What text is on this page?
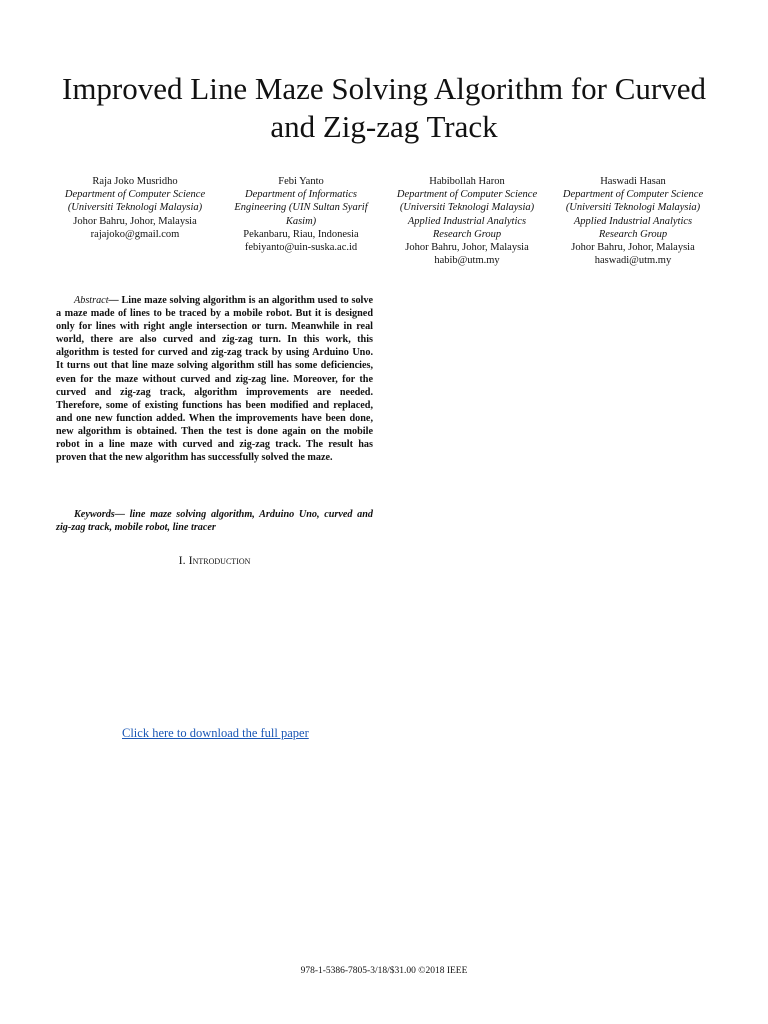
Improved Line Maze Solving Algorithm for Curved
and Zig-zag Track
Raja Joko Musridho
Department of Computer Science (Universiti Teknologi Malaysia)
Johor Bahru, Johor, Malaysia
rajajoko@gmail.com
Febi Yanto
Department of Informatics Engineering (UIN Sultan Syarif Kasim)
Pekanbaru, Riau, Indonesia
febiyanto@uin-suska.ac.id
Habibollah Haron
Department of Computer Science (Universiti Teknologi Malaysia) Applied Industrial Analytics Research Group
Johor Bahru, Johor, Malaysia
habib@utm.my
Haswadi Hasan
Department of Computer Science (Universiti Teknologi Malaysia) Applied Industrial Analytics Research Group
Johor Bahru, Johor, Malaysia
haswadi@utm.my

Abstract— Line maze solving algorithm is an algorithm used to solve a maze made of lines to be traced by a mobile robot. But it is designed only for lines with right angle intersection or turn. Meanwhile in real world, there are also curved and zig-zag turn. In this work, this algorithm is tested for curved and zig-zag track by using Arduino Uno. It turns out that line maze solving algorithm still has some deficiencies, even for the maze without curved and zig-zag line. Moreover, for the curved and zig-zag track, algorithm improvements are needed. Therefore, some of existing functions has been modified and replaced, and one new function added. When the improvements have been done, new algorithm is obtained. Then the test is done again on the mobile robot in a line maze with curved and zig-zag track. The result has proven that the new algorithm has successfully solved the maze.

Keywords— line maze solving algorithm, Arduino Uno, curved and zig-zag track, mobile robot, line tracer

I. Introduction
Click here to download the full paper
978-1-5386-7805-3/18/$31.00 ©2018 IEEE
